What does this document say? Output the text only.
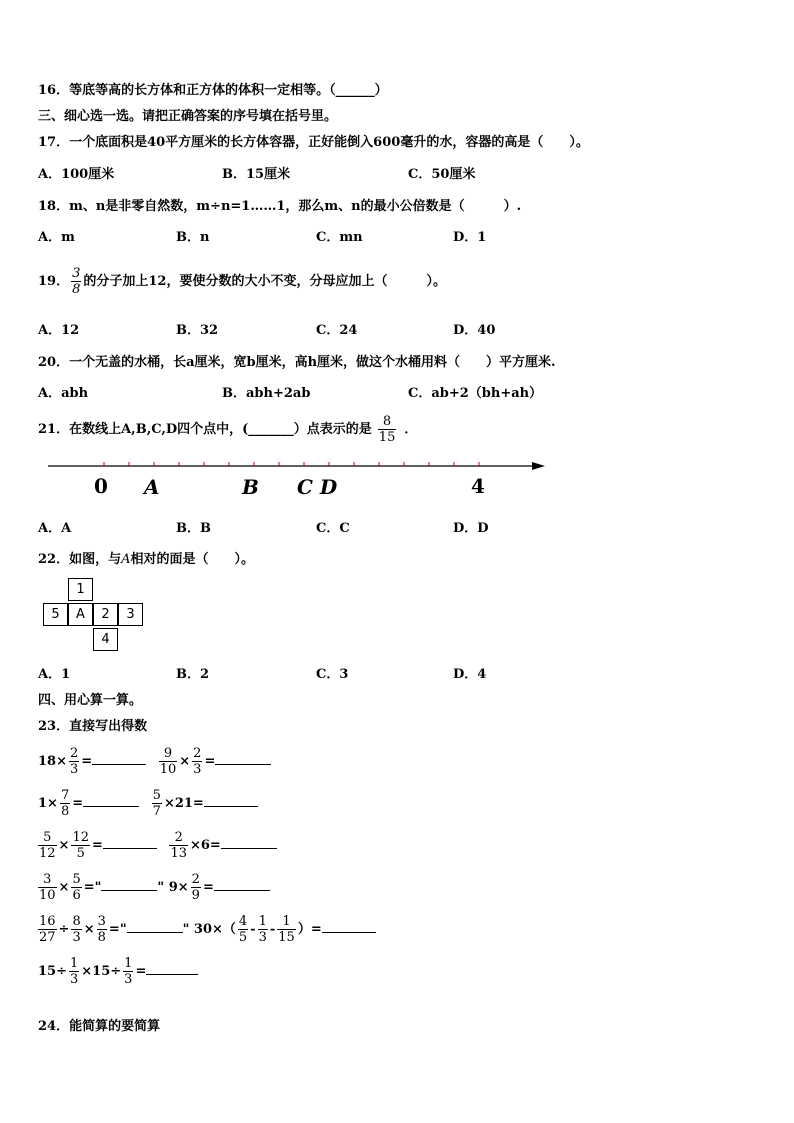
16．等底等高的长方体和正方体的体积一定相等。（______）
三、细心选一选。请把正确答案的序号填在括号里。
17．一个底面积是40平方厘米的长方体容器，正好能倒入600毫升的水，容器的高是（　　）。
A．100厘米	B．15厘米	C．50厘米
18．m、n是非零自然数，m÷n=1……1，那么m、n的最小公倍数是（　　　）.
A．m	B．n	C．mn	D．1
19． $\frac{3}{8}$ 的分子加上12，要使分数的大小不变，分母应加上（　　　）。
A．12	B．32	C．24	D．40
20．一个无盖的水桶，长a厘米，宽b厘米，高h厘米，做这个水桶用料（　　）平方厘米.
A．abh	B．abh+2ab	C．ab+2（bh+ah）
21．在数线上A,B,C,D四个点中，(_______）点表示的是 $\frac{8}{15}$ ．
0 A	B C D	4
A．A	B．B	C．C	D．D
22．如图，与A相对的面是（　　）。
1
5	A	2	3
4
A．1	B．2	C．3	D．4
四、用心算一算。
23．直接写出得数
$18\times \frac{2}{3}$ =	$\frac{9}{10} \times \frac{2}{3}$ =
$1\times \frac{7}{8}$ =	$\frac{5}{7} \times 21=$
$\frac{5}{12} \times \frac{12}{5}$ =	$\frac{2}{13} \times 6=$
$\frac{3}{10} \times \frac{5}{6}$ ="	" $9\times \frac{2}{9}$ =
$\frac{16}{27} \div \frac{8}{3} \times \frac{3}{8}$ ="	" $30\times( \frac{4}{5} - \frac{1}{3} - \frac{1}{15}$ ）=
$15\div \frac{1}{3} \times 15\div \frac{1}{3}$ =
24．能简算的要简算
